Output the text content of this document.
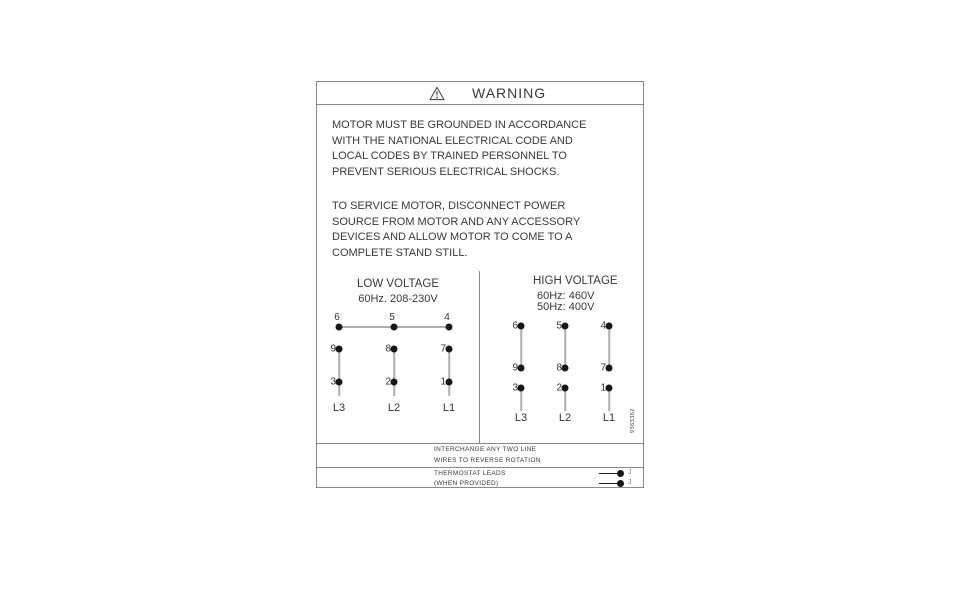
WARNING
MOTOR MUST BE GROUNDED IN ACCORDANCE
WITH THE NATIONAL ELECTRICAL CODE AND
LOCAL CODES BY TRAINED PERSONNEL TO
PREVENT SERIOUS ELECTRICAL SHOCKS.
TO SERVICE MOTOR, DISCONNECT POWER
SOURCE FROM MOTOR AND ANY ACCESSORY
DEVICES AND ALLOW MOTOR TO COME TO A
COMPLETE STAND STILL.
LOW VOLTAGE
60Hz. 208-230V
6
9
3
L3
5
8
2
L2
4
7
1
L1
HIGH VOLTAGE
60Hz: 460V
50Hz: 400V
9363362
6
9
3
L3
5
8
2
L2
4
7
1
L1
INTERCHANGE ANY TWO LINE
WIRES TO REVERSE ROTATION
THERMOSTAT LEADS
(WHEN PROVIDED)
J
J
